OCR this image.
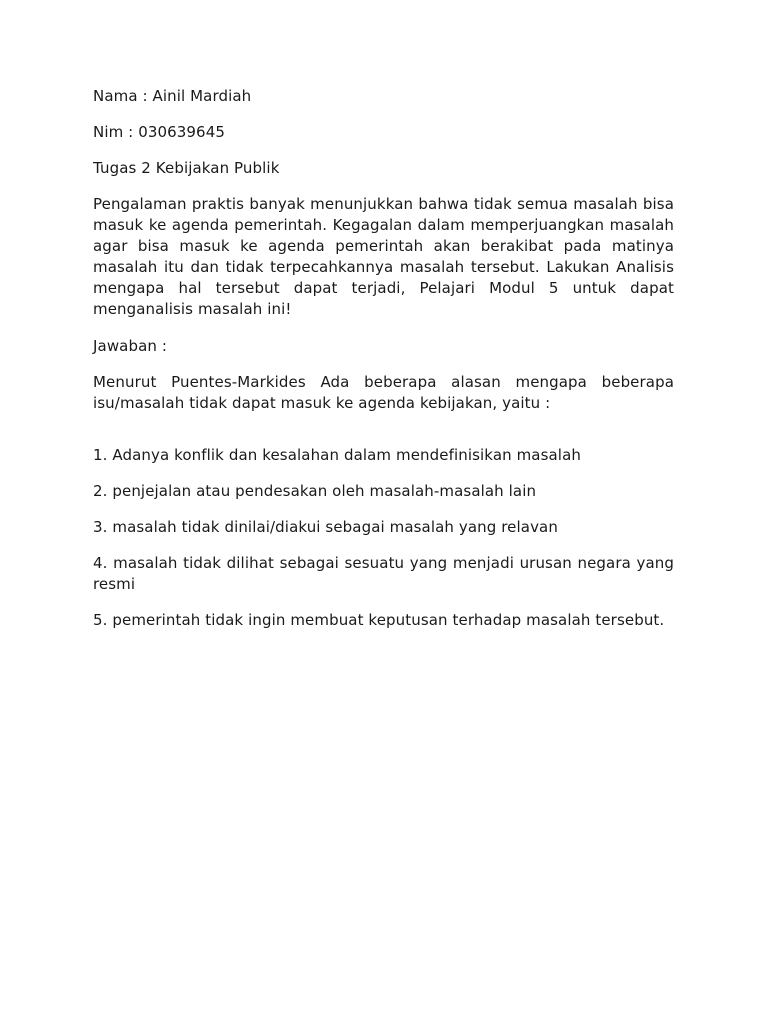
Nama : Ainil Mardiah

Nim : 030639645

Tugas 2 Kebijakan Publik

Pengalaman praktis banyak menunjukkan bahwa tidak semua masalah bisa masuk ke agenda pemerintah. Kegagalan dalam memperjuangkan masalah agar bisa masuk ke agenda pemerintah akan berakibat pada matinya masalah itu dan tidak terpecahkannya masalah tersebut. Lakukan Analisis mengapa hal tersebut dapat terjadi, Pelajari Modul 5 untuk dapat menganalisis masalah ini!

Jawaban :

Menurut Puentes-Markides Ada beberapa alasan mengapa beberapa isu/masalah tidak dapat masuk ke agenda kebijakan, yaitu :

1. Adanya konflik dan kesalahan dalam mendefinisikan masalah

2. penjejalan atau pendesakan oleh masalah-masalah lain

3. masalah tidak dinilai/diakui sebagai masalah yang relavan

4. masalah tidak dilihat sebagai sesuatu yang menjadi urusan negara yang resmi

5. pemerintah tidak ingin membuat keputusan terhadap masalah tersebut.
